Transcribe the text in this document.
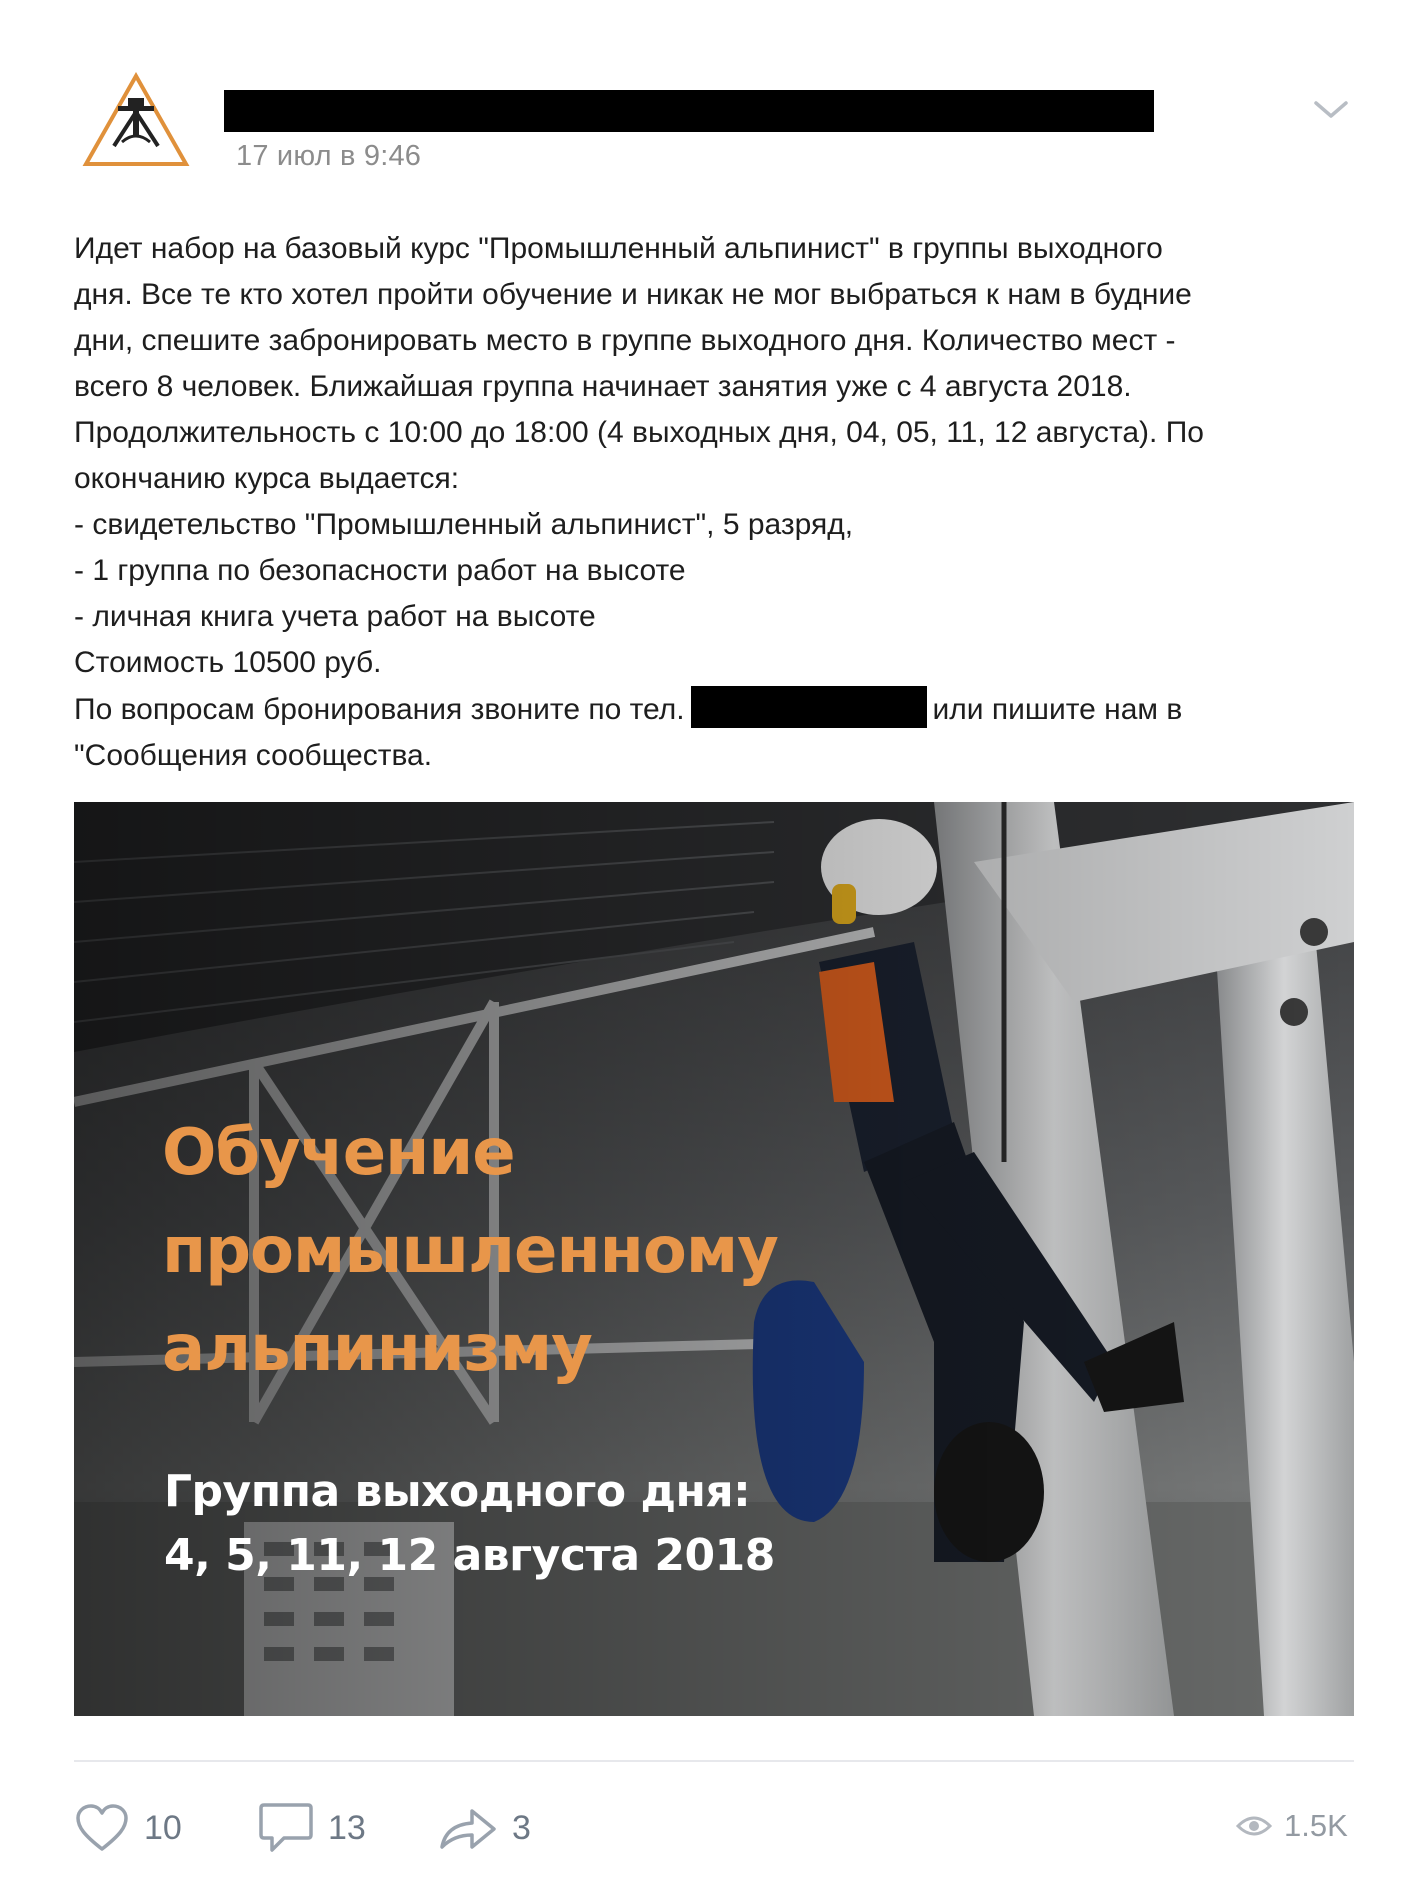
17 июл в 9:46
Идет набор на базовый курс "Промышленный альпинист" в группы выходного
дня. Все те кто хотел пройти обучение и никак не мог выбраться к нам в будние
дни, спешите забронировать место в группе выходного дня. Количество мест -
всего 8 человек. Ближайшая группа начинает занятия уже с 4 августа 2018.
Продолжительность с 10:00 до 18:00 (4 выходных дня, 04, 05, 11, 12 августа). По
окончанию курса выдается:
- свидетельство "Промышленный альпинист", 5 разряд,
- 1 группа по безопасности работ на высоте
- личная книга учета работ на высоте
Стоимость 10500 руб.
По вопросам бронирования звоните по тел.	или пишите нам в
"Сообщения сообщества.
Обучение
промышленному
альпинизму
Группа выходного дня:
4, 5, 11, 12 августа 2018
10	13	3	1.5K
